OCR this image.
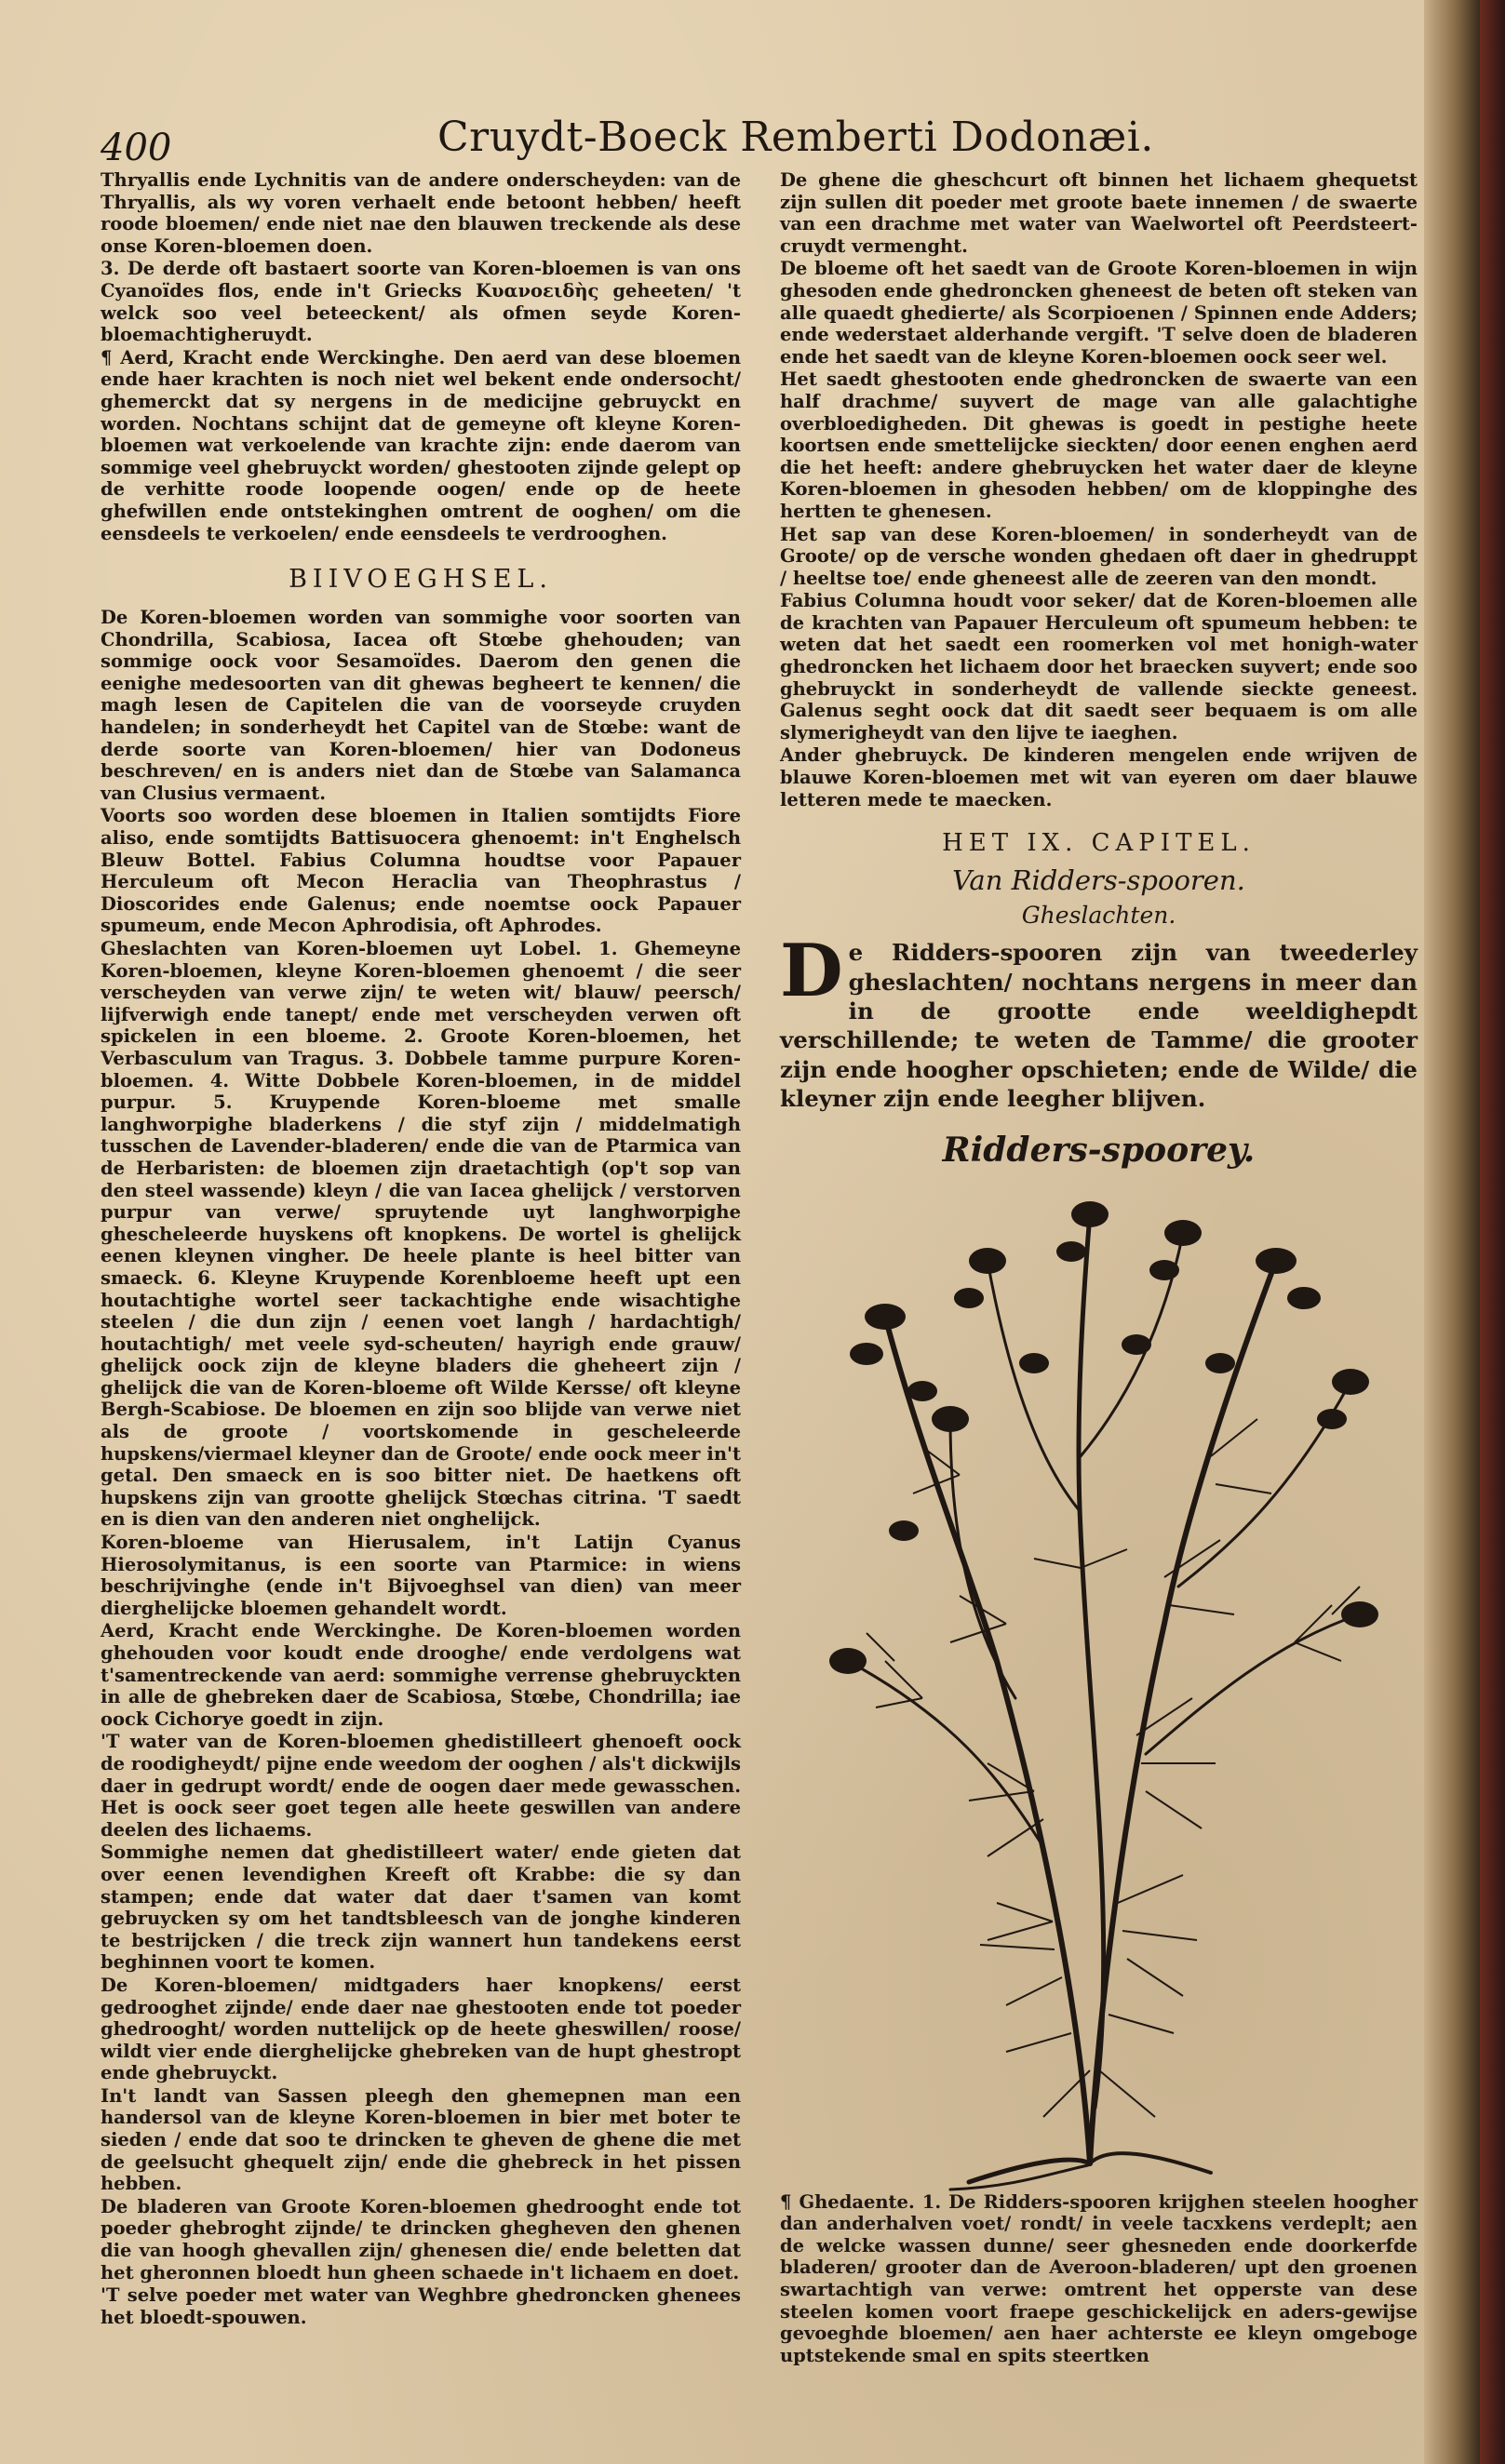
400	Cruydt-Boeck Remberti Dodonæi.

Thryallis ende Lychnitis van de andere onderscheyden: van de Thryallis, als wy voren verhaelt ende betoont hebben/ heeft roode bloemen/ ende niet nae den blauwen treckende als dese onse Koren-bloemen doen.

3. De derde oft bastaert soorte van Koren-bloemen is van ons Cyanoïdes flos, ende in't Griecks Κυανοειδὴς geheeten/ 't welck soo veel beteeckent/ als ofmen seyde Koren-bloemachtigheruydt.

¶ Aerd, Kracht ende Werckinghe. Den aerd van dese bloemen ende haer krachten is noch niet wel bekent ende ondersocht/ ghemerckt dat sy nergens in de medicijne gebruyckt en worden. Nochtans schijnt dat de gemeyne oft kleyne Koren-bloemen wat verkoelende van krachte zijn: ende daerom van sommige veel ghebruyckt worden/ ghestooten zijnde gelept op de verhitte roode loopende oogen/ ende op de heete ghefwillen ende ontstekinghen omtrent de ooghen/ om die eensdeels te verkoelen/ ende eensdeels te verdrooghen.

BIIVOEGHSEL.

De Koren-bloemen worden van sommighe voor soorten van Chondrilla, Scabiosa, Iacea oft Stœbe ghehouden; van sommige oock voor Sesamoïdes. Daerom den genen die eenighe medesoorten van dit ghewas begheert te kennen/ die magh lesen de Capitelen die van de voorseyde cruyden handelen; in sonderheydt het Capitel van de Stœbe: want de derde soorte van Koren-bloemen/ hier van Dodoneus beschreven/ en is anders niet dan de Stœbe van Salamanca van Clusius vermaent.

Voorts soo worden dese bloemen in Italien somtijdts Fiore aliso, ende somtijdts Battisuocera ghenoemt: in't Enghelsch Bleuw Bottel. Fabius Columna houdtse voor Papauer Herculeum oft Mecon Heraclia van Theophrastus / Dioscorides ende Galenus; ende noemtse oock Papauer spumeum, ende Mecon Aphrodisia, oft Aphrodes.

Gheslachten van Koren-bloemen uyt Lobel. 1. Ghemeyne Koren-bloemen, kleyne Koren-bloemen ghenoemt / die seer verscheyden van verwe zijn/ te weten wit/ blauw/ peersch/ lijfverwigh ende tanept/ ende met verscheyden verwen oft spickelen in een bloeme. 2. Groote Koren-bloemen, het Verbasculum van Tragus. 3. Dobbele tamme purpure Koren-bloemen. 4. Witte Dobbele Koren-bloemen, in de middel purpur. 5. Kruypende Koren-bloeme met smalle langhworpighe bladerkens / die styf zijn / middelmatigh tusschen de Lavender-bladeren/ ende die van de Ptarmica van de Herbaristen: de bloemen zijn draetachtigh (op't sop van den steel wassende) kleyn / die van Iacea ghelijck / verstorven purpur van verwe/ spruytende uyt langhworpighe ghescheleerde huyskens oft knopkens. De wortel is ghelijck eenen kleynen vingher. De heele plante is heel bitter van smaeck. 6. Kleyne Kruypende Korenbloeme heeft upt een houtachtighe wortel seer tackachtighe ende wisachtighe steelen / die dun zijn / eenen voet langh / hardachtigh/ houtachtigh/ met veele syd-scheuten/ hayrigh ende grauw/ ghelijck oock zijn de kleyne bladers die gheheert zijn / ghelijck die van de Koren-bloeme oft Wilde Kersse/ oft kleyne Bergh-Scabiose. De bloemen en zijn soo blijde van verwe niet als de groote / voortskomende in gescheleerde hupskens/viermael kleyner dan de Groote/ ende oock meer in't getal. Den smaeck en is soo bitter niet. De haetkens oft hupskens zijn van grootte ghelijck Stœchas citrina. 'T saedt en is dien van den anderen niet onghelijck.

Koren-bloeme van Hierusalem, in't Latijn Cyanus Hierosolymitanus, is een soorte van Ptarmice: in wiens beschrijvinghe (ende in't Bijvoeghsel van dien) van meer dierghelijcke bloemen gehandelt wordt.

Aerd, Kracht ende Werckinghe. De Koren-bloemen worden ghehouden voor koudt ende drooghe/ ende verdolgens wat t'samentreckende van aerd: sommighe verrense ghebruyckten in alle de ghebreken daer de Scabiosa, Stœbe, Chondrilla; iae oock Cichorye goedt in zijn.

'T water van de Koren-bloemen ghedistilleert ghenoeft oock de roodigheydt/ pijne ende weedom der ooghen / als't dickwijls daer in gedrupt wordt/ ende de oogen daer mede gewasschen. Het is oock seer goet tegen alle heete geswillen van andere deelen des lichaems.

Sommighe nemen dat ghedistilleert water/ ende gieten dat over eenen levendighen Kreeft oft Krabbe: die sy dan stampen; ende dat water dat daer t'samen van komt gebruycken sy om het tandtsbleesch van de jonghe kinderen te bestrijcken / die treck zijn wannert hun tandekens eerst beghinnen voort te komen.

De Koren-bloemen/ midtgaders haer knopkens/ eerst gedrooghet zijnde/ ende daer nae ghestooten ende tot poeder ghedrooght/ worden nuttelijck op de heete gheswillen/ roose/ wildt vier ende dierghelijcke ghebreken van de hupt ghestropt ende ghebruyckt.

In't landt van Sassen pleegh den ghemepnen man een handersol van de kleyne Koren-bloemen in bier met boter te sieden / ende dat soo te drincken te gheven de ghene die met de geelsucht ghequelt zijn/ ende die ghebreck in het pissen hebben.

De bladeren van Groote Koren-bloemen ghedrooght ende tot poeder ghebroght zijnde/ te drincken ghegheven den ghenen die van hoogh ghevallen zijn/ ghenesen die/ ende beletten dat het gheronnen bloedt hun gheen schaede in't lichaem en doet.

'T selve poeder met water van Weghbre ghedroncken ghenees het bloedt-spouwen.

De ghene die gheschcurt oft binnen het lichaem ghequetst zijn sullen dit poeder met groote baete innemen / de swaerte van een drachme met water van Waelwortel oft Peerdsteert-cruydt vermenght.

De bloeme oft het saedt van de Groote Koren-bloemen in wijn ghesoden ende ghedroncken gheneest de beten oft steken van alle quaedt ghedierte/ als Scorpioenen / Spinnen ende Adders; ende wederstaet alderhande vergift. 'T selve doen de bladeren ende het saedt van de kleyne Koren-bloemen oock seer wel.

Het saedt ghestooten ende ghedroncken de swaerte van een half drachme/ suyvert de mage van alle galachtighe overbloedigheden. Dit ghewas is goedt in pestighe heete koortsen ende smettelijcke sieckten/ door eenen enghen aerd die het heeft: andere ghebruycken het water daer de kleyne Koren-bloemen in ghesoden hebben/ om de kloppinghe des hertten te ghenesen.

Het sap van dese Koren-bloemen/ in sonderheydt van de Groote/ op de versche wonden ghedaen oft daer in ghedruppt / heeltse toe/ ende gheneest alle de zeeren van den mondt.

Fabius Columna houdt voor seker/ dat de Koren-bloemen alle de krachten van Papauer Herculeum oft spumeum hebben: te weten dat het saedt een roomerken vol met honigh-water ghedroncken het lichaem door het braecken suyvert; ende soo ghebruyckt in sonderheydt de vallende sieckte geneest. Galenus seght oock dat dit saedt seer bequaem is om alle slymerigheydt van den lijve te iaeghen.

Ander ghebruyck. De kinderen mengelen ende wrijven de blauwe Koren-bloemen met wit van eyeren om daer blauwe letteren mede te maecken.

HET IX. CAPITEL.
Van Ridders-spooren.
Gheslachten.

De Ridders-spooren zijn van tweederley gheslachten/ nochtans nergens in meer dan in de grootte ende weeldighepdt verschillende; te weten de Tamme/ die grooter zijn ende hoogher opschieten; ende de Wilde/ die kleyner zijn ende leegher blijven.

Ridders-spoorey.

¶ Ghedaente. 1. De Ridders-spooren krijghen steelen hoogher dan anderhalven voet/ rondt/ in veele tacxkens verdeplt; aen de welcke wassen dunne/ seer ghesneden ende doorkerfde bladeren/ grooter dan de Averoon-bladeren/ upt den groenen swartachtigh van verwe: omtrent het opperste van dese steelen komen voort fraepe geschickelijck en aders-gewijse gevoeghde bloemen/ aen haer achterste ee kleyn omgeboge uptstekende smal en spits steertken
